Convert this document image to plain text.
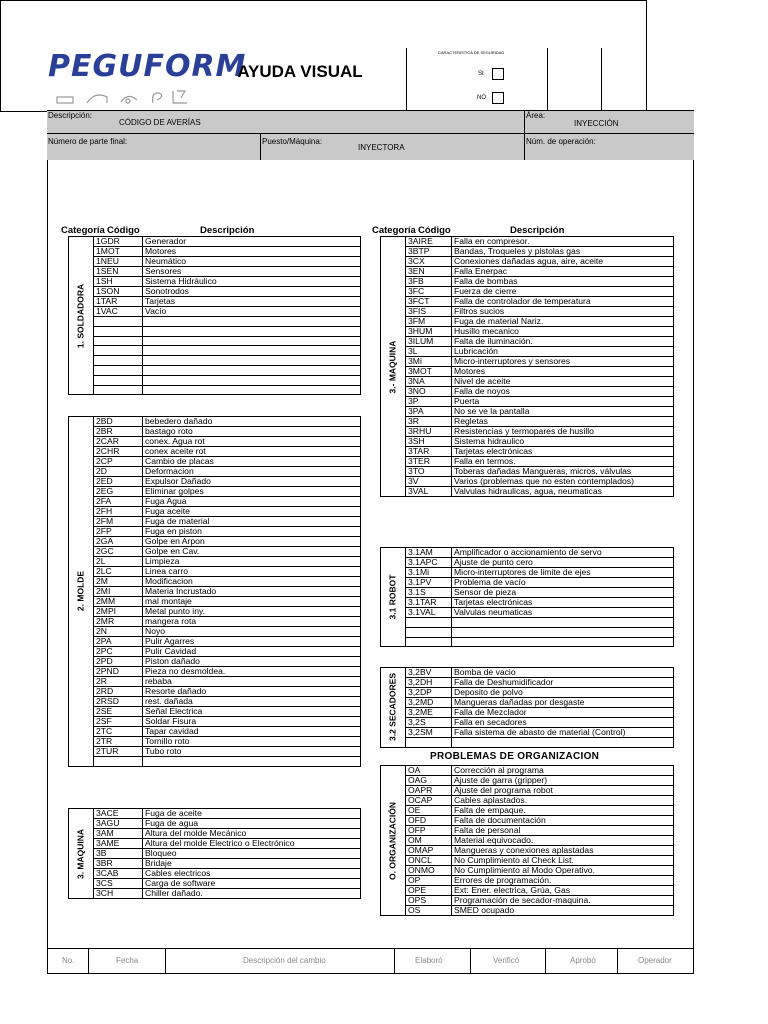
PEGUFORM
AYUDA VISUAL
CARACTERISTICA DE SEGURIDAD
SI
NO
Descripción:
CÓDIGO DE AVERÍAS
Área:
INYECCIÓN
Número de parte final:	Puesto/Máquina:
INYECTORA
Núm. de operación:
Categoría Código	Descripción	Categoría Código	Descripción
1. SOLDADORA	1GDR	Generador
	1MOT	Motores
	1NEU	Neumático
	1SEN	Sensores
	1SH	Sistema Hidráulico
	1SON	Sonotrodos
	1TAR	Tarjetas
	1VAC	Vacío

2. MOLDE	2BD	bebedero dañado
	2BR	bastago roto
	2CAR	conex. Agua rot
	2CHR	conex aceite rot
	2CP	Cambio de placas
	2D	Deformacion
	2ED	Expulsor Dañado
	2EG	Eliminar golpes
	2FA	Fuga Agua
	2FH	Fuga aceite
	2FM	Fuga de material
	2FP	Fuga en piston
	2GA	Golpe en Arpon
	2GC	Golpe en Cav.
	2L	Limpieza
	2LC	Linea carro
	2M	Modificacion
	2MI	Materia Incrustado
	2MM	mal montaje
	2MPI	Metal punto iny.
	2MR	mangera rota
	2N	Noyo
	2PA	Pulir Agarres
	2PC	Pulir Cavidad
	2PD	Piston dañado
	2PND	Pieza no desmoldea.
	2R	rebaba
	2RD	Resorte dañado
	2RSD	rest. dañada
	2SE	Señal Electrica
	2SF	Soldar Fisura
	2TC	Tapar cavidad
	2TR	Tornillo roto
	2TUR	Tubo roto

3. MAQUINA	3ACE	Fuga de aceite
	3AGU	Fuga de agua
	3AM	Altura del molde Mecánico
	3AME	Altura del molde Electrico o Electrónico
	3B	Bloqueo
	3BR	Bridaje
	3CAB	Cables electricos
	3CS	Carga de software
	3CH	Chiller dañado.
3.- MAQUINA	3AIRE	Falla en compresor.
	3BTP	Bandas, Troqueles y pistolas gas
	3CX	Conexiones dañadas agua, aire, aceite
	3EN	Falla Enerpac
	3FB	Falla de bombas
	3FC	Fuerza de cierre
	3FCT	Falla de controlador de temperatura
	3FIS	Filtros sucios
	3FM	Fuga de material Nariz.
	3HUM	Husillo mecanico
	3ILUM	Falta de iluminación.
	3L	Lubricación
	3Mi	Micro-interruptores y sensores
	3MOT	Motores
	3NA	Nivel de aceite
	3NO	Falla de noyos
	3P	Puerta
	3PA	No se ve la pantalla
	3R	Regletas
	3RHU	Resistencias y termopares de husillo
	3SH	Sistema hidraulico
	3TAR	Tarjetas electrónicas
	3TER	Falla en termos.
	3TO	Toberas dañadas Mangueras, micros, válvulas
	3V	Varios (problemas que no esten contemplados)
	3VAL	Valvulas hidraulicas, agua, neumaticas
3.1 ROBOT	3.1AM	Amplificador o accionamiento de servo
	3.1APC	Ajuste de punto cero
	3.1Mi	Micro-interruptores de limite de ejes
	3.1PV	Problema de vacío
	3.1S	Sensor de pieza
	3.1TAR	Tarjetas electrónicas
	3.1VAL	Valvulas neumaticas

3.2 SECADORES	3,2BV	Bomba de vacio
	3,2DH	Falla de Deshumidificador
	3,2DP	Deposito de polvo
	3,2MD	Mangueras dañadas por desgaste
	3,2ME	Falla de Mezclador
	3,2S	Falla en secadores
	3,2SM	Falla sistema de abasto de material (Control)

PROBLEMAS DE ORGANIZACION
O. ORGANIZACIÓN	OA	Corrección al programa
	OAG	Ajuste de garra (gripper)
	OAPR	Ajuste del programa robot
	OCAP	Cables aplastados.
	OE	Falta de empaque.
	OFD	Falta de documentación
	OFP	Falta de personal
	OM	Material equivocado.
	OMAP	Mangueras y conexiones aplastadas
	ONCL	No Cumplimiento al Check List.
	ONMO	No Cumplimiento al Modo Operativo.
	OP	Errores de programación.
	OPE	Ext: Ener. electrica, Grúa, Gas
	OPS	Programación de secador-maquina.
	OS	SMED ocupado
No.	Fecha	Descripción del cambio	Elaboró	Verificó	Aprobó	Operador
